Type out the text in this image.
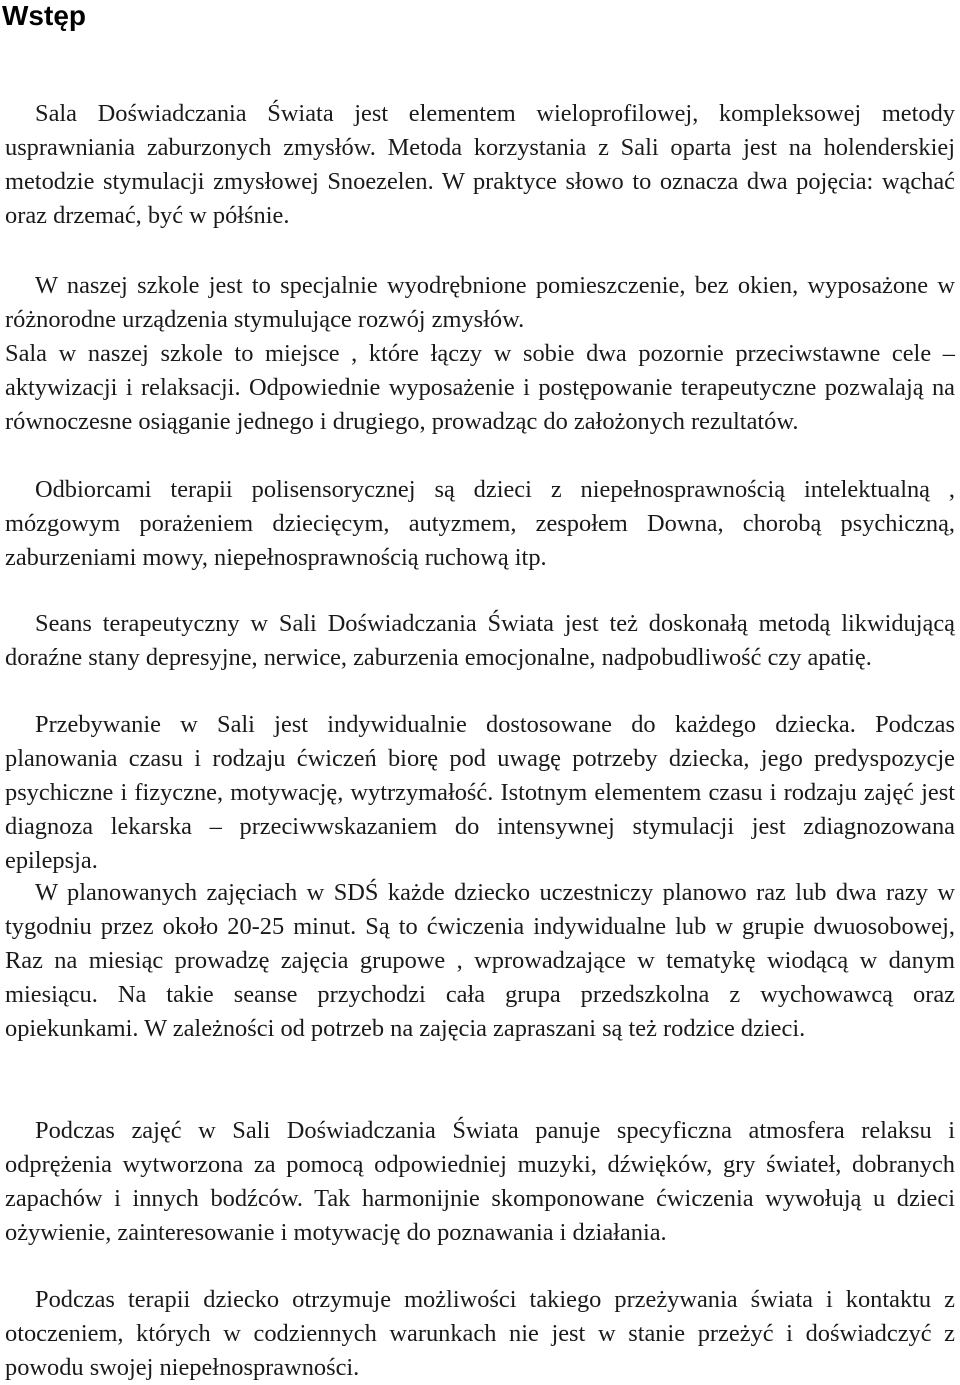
Wstęp

Sala Doświadczania Świata jest elementem wieloprofilowej, kompleksowej metody usprawniania zaburzonych zmysłów. Metoda korzystania z Sali oparta jest na holenderskiej metodzie stymulacji zmysłowej Snoezelen. W praktyce słowo to oznacza dwa pojęcia: wąchać oraz drzemać, być w półśnie.

W naszej szkole jest to specjalnie wyodrębnione pomieszczenie, bez okien, wyposażone w różnorodne urządzenia stymulujące rozwój zmysłów.

Sala w naszej szkole to miejsce , które łączy w sobie dwa pozornie przeciwstawne cele – aktywizacji i relaksacji. Odpowiednie wyposażenie i postępowanie terapeutyczne pozwalają na równoczesne osiąganie jednego i drugiego, prowadząc do założonych rezultatów.

Odbiorcami terapii polisensorycznej są dzieci z niepełnosprawnością intelektualną , mózgowym porażeniem dziecięcym, autyzmem, zespołem Downa, chorobą psychiczną, zaburzeniami mowy, niepełnosprawnością ruchową itp.

Seans terapeutyczny w Sali Doświadczania Świata jest też doskonałą metodą likwidującą doraźne stany depresyjne, nerwice, zaburzenia emocjonalne, nadpobudliwość czy apatię.

Przebywanie w Sali jest indywidualnie dostosowane do każdego dziecka. Podczas planowania czasu i rodzaju ćwiczeń biorę pod uwagę potrzeby dziecka, jego predyspozycje psychiczne i fizyczne, motywację, wytrzymałość. Istotnym elementem czasu i rodzaju zajęć jest diagnoza lekarska – przeciwwskazaniem do intensywnej stymulacji jest zdiagnozowana epilepsja.

W planowanych zajęciach w SDŚ każde dziecko uczestniczy planowo raz lub dwa razy w tygodniu przez około 20-25 minut. Są to ćwiczenia indywidualne lub w grupie dwuosobowej, Raz na miesiąc prowadzę zajęcia grupowe , wprowadzające w tematykę wiodącą w danym miesiącu. Na takie seanse przychodzi cała grupa przedszkolna z wychowawcą oraz opiekunkami. W zależności od potrzeb na zajęcia zapraszani są też rodzice dzieci.

Podczas zajęć w Sali Doświadczania Świata panuje specyficzna atmosfera relaksu i odprężenia wytworzona za pomocą odpowiedniej muzyki, dźwięków, gry świateł, dobranych zapachów i innych bodźców. Tak harmonijnie skomponowane ćwiczenia wywołują u dzieci ożywienie, zainteresowanie i motywację do poznawania i działania.

Podczas terapii dziecko otrzymuje możliwości takiego przeżywania świata i kontaktu z otoczeniem, których w codziennych warunkach nie jest w stanie przeżyć i doświadczyć z powodu swojej niepełnosprawności.
